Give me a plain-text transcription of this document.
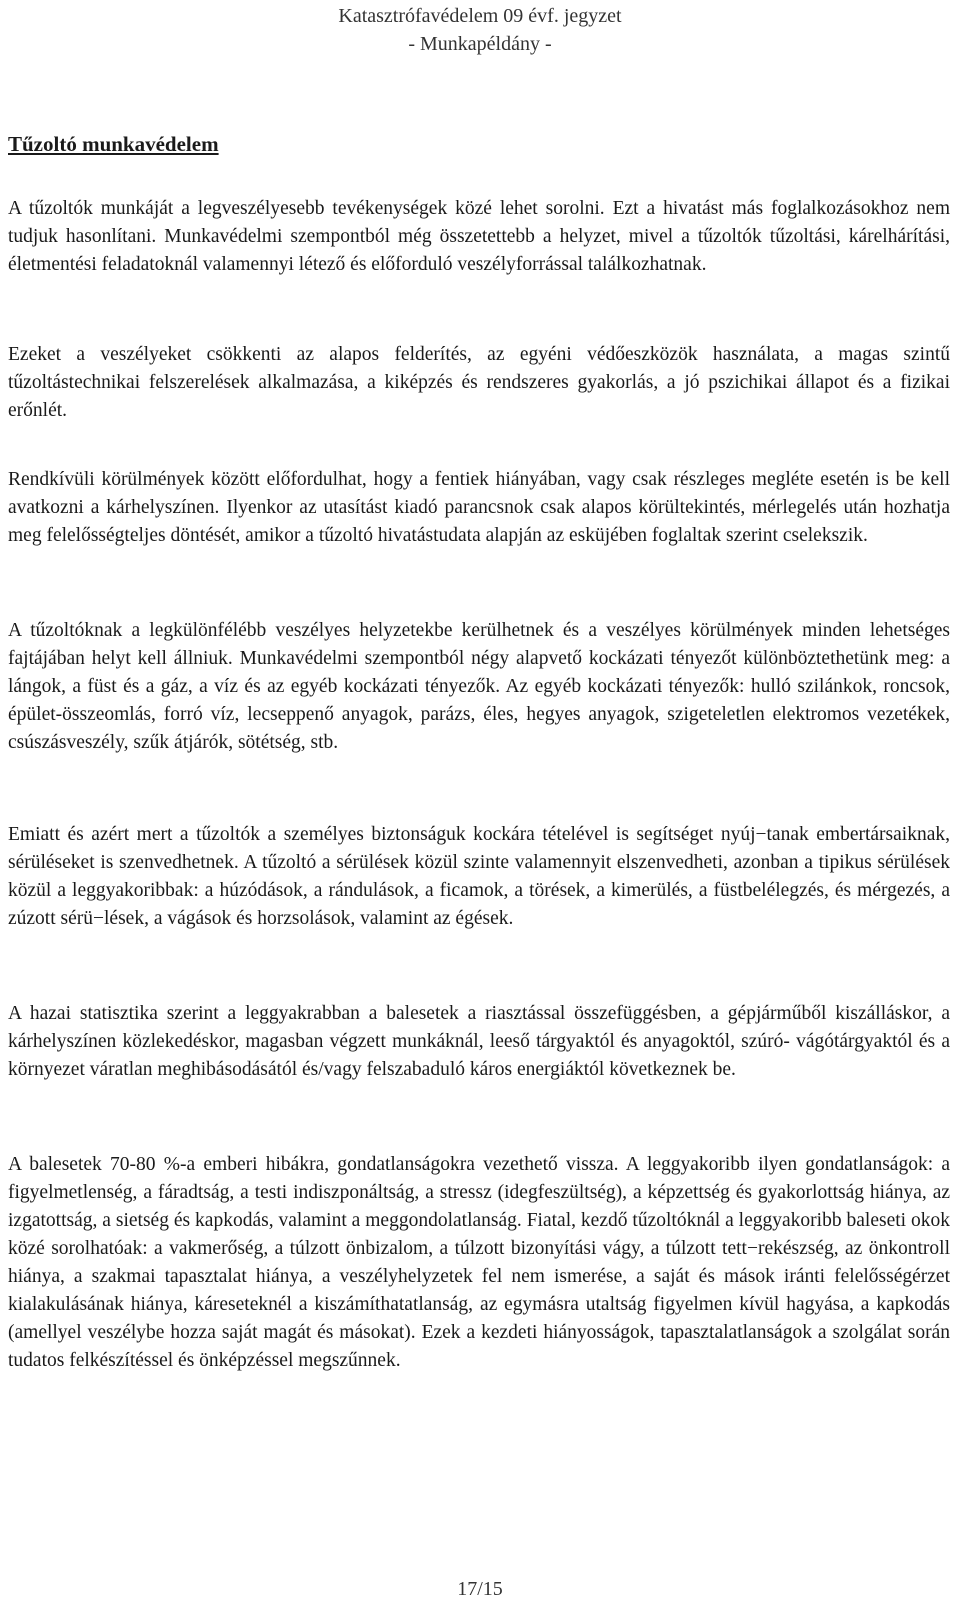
Katasztrófavédelem 09 évf. jegyzet
- Munkapéldány -
Tűzoltó munkavédelem

A tűzoltók munkáját a legveszélyesebb tevékenységek közé lehet sorolni. Ezt a hivatást más foglalkozásokhoz nem tudjuk hasonlítani. Munkavédelmi szempontból még összetettebb a helyzet, mivel a tűzoltók tűzoltási, kárelhárítási, életmentési feladatoknál valamennyi létező és előforduló veszélyforrással találkozhatnak.

Ezeket a veszélyeket csökkenti az alapos felderítés, az egyéni védőeszközök használata, a magas szintű tűzoltástechnikai felszerelések alkalmazása, a kiképzés és rendszeres gyakorlás, a jó pszichikai állapot és a fizikai erőnlét.

Rendkívüli körülmények között előfordulhat, hogy a fentiek hiányában, vagy csak részleges megléte esetén is be kell avatkozni a kárhelyszínen. Ilyenkor az utasítást kiadó parancsnok csak alapos körültekintés, mérlegelés után hozhatja meg felelősségteljes döntését, amikor a tűzoltó hivatástudata alapján az esküjében foglaltak szerint cselekszik.

A tűzoltóknak a legkülönfélébb veszélyes helyzetekbe kerülhetnek és a veszélyes körülmények minden lehetséges fajtájában helyt kell állniuk. Munkavédelmi szempontból négy alapvető kockázati tényezőt különböztethetünk meg: a lángok, a füst és a gáz, a víz és az egyéb kockázati tényezők. Az egyéb kockázati tényezők: hulló szilánkok, roncsok, épület-összeomlás, forró víz, lecseppenő anyagok, parázs, éles, hegyes anyagok, szigeteletlen elektromos vezetékek, csúszásveszély, szűk átjárók, sötétség, stb.

Emiatt és azért mert a tűzoltók a személyes biztonságuk kockára tételével is segítséget nyúj−tanak embertársaiknak, sérüléseket is szenvedhetnek. A tűzoltó a sérülések közül szinte valamennyit elszenvedheti, azonban a tipikus sérülések közül a leggyakoribbak: a húzódások, a rándulások, a ficamok, a törések, a kimerülés, a füstbelélegzés, és mérgezés, a zúzott sérü−lések, a vágások és horzsolások, valamint az égések.

A hazai statisztika szerint a leggyakrabban a balesetek a riasztással összefüggésben, a gépjárműből kiszálláskor, a kárhelyszínen közlekedéskor, magasban végzett munkáknál, leeső tárgyaktól és anyagoktól, szúró- vágótárgyaktól és a környezet váratlan meghibásodásától és/vagy felszabaduló káros energiáktól következnek be.

A balesetek 70-80 %-a emberi hibákra, gondatlanságokra vezethető vissza. A leggyakoribb ilyen gondatlanságok: a figyelmetlenség, a fáradtság, a testi indiszponáltság, a stressz (idegfeszültség), a képzettség és gyakorlottság hiánya, az izgatottság, a sietség és kapkodás, valamint a meggondolatlanság. Fiatal, kezdő tűzoltóknál a leggyakoribb baleseti okok közé sorolhatóak: a vakmerőség, a túlzott önbizalom, a túlzott bizonyítási vágy, a túlzott tett−rekészség, az önkontroll hiánya, a szakmai tapasztalat hiánya, a veszélyhelyzetek fel nem ismerése, a saját és mások iránti felelősségérzet kialakulásának hiánya, káreseteknél a kiszámíthatatlanság, az egymásra utaltság figyelmen kívül hagyása, a kapkodás (amellyel veszélybe hozza saját magát és másokat). Ezek a kezdeti hiányosságok, tapasztalatlanságok a szolgálat során tudatos felkészítéssel és önképzéssel megszűnnek.

17/15
